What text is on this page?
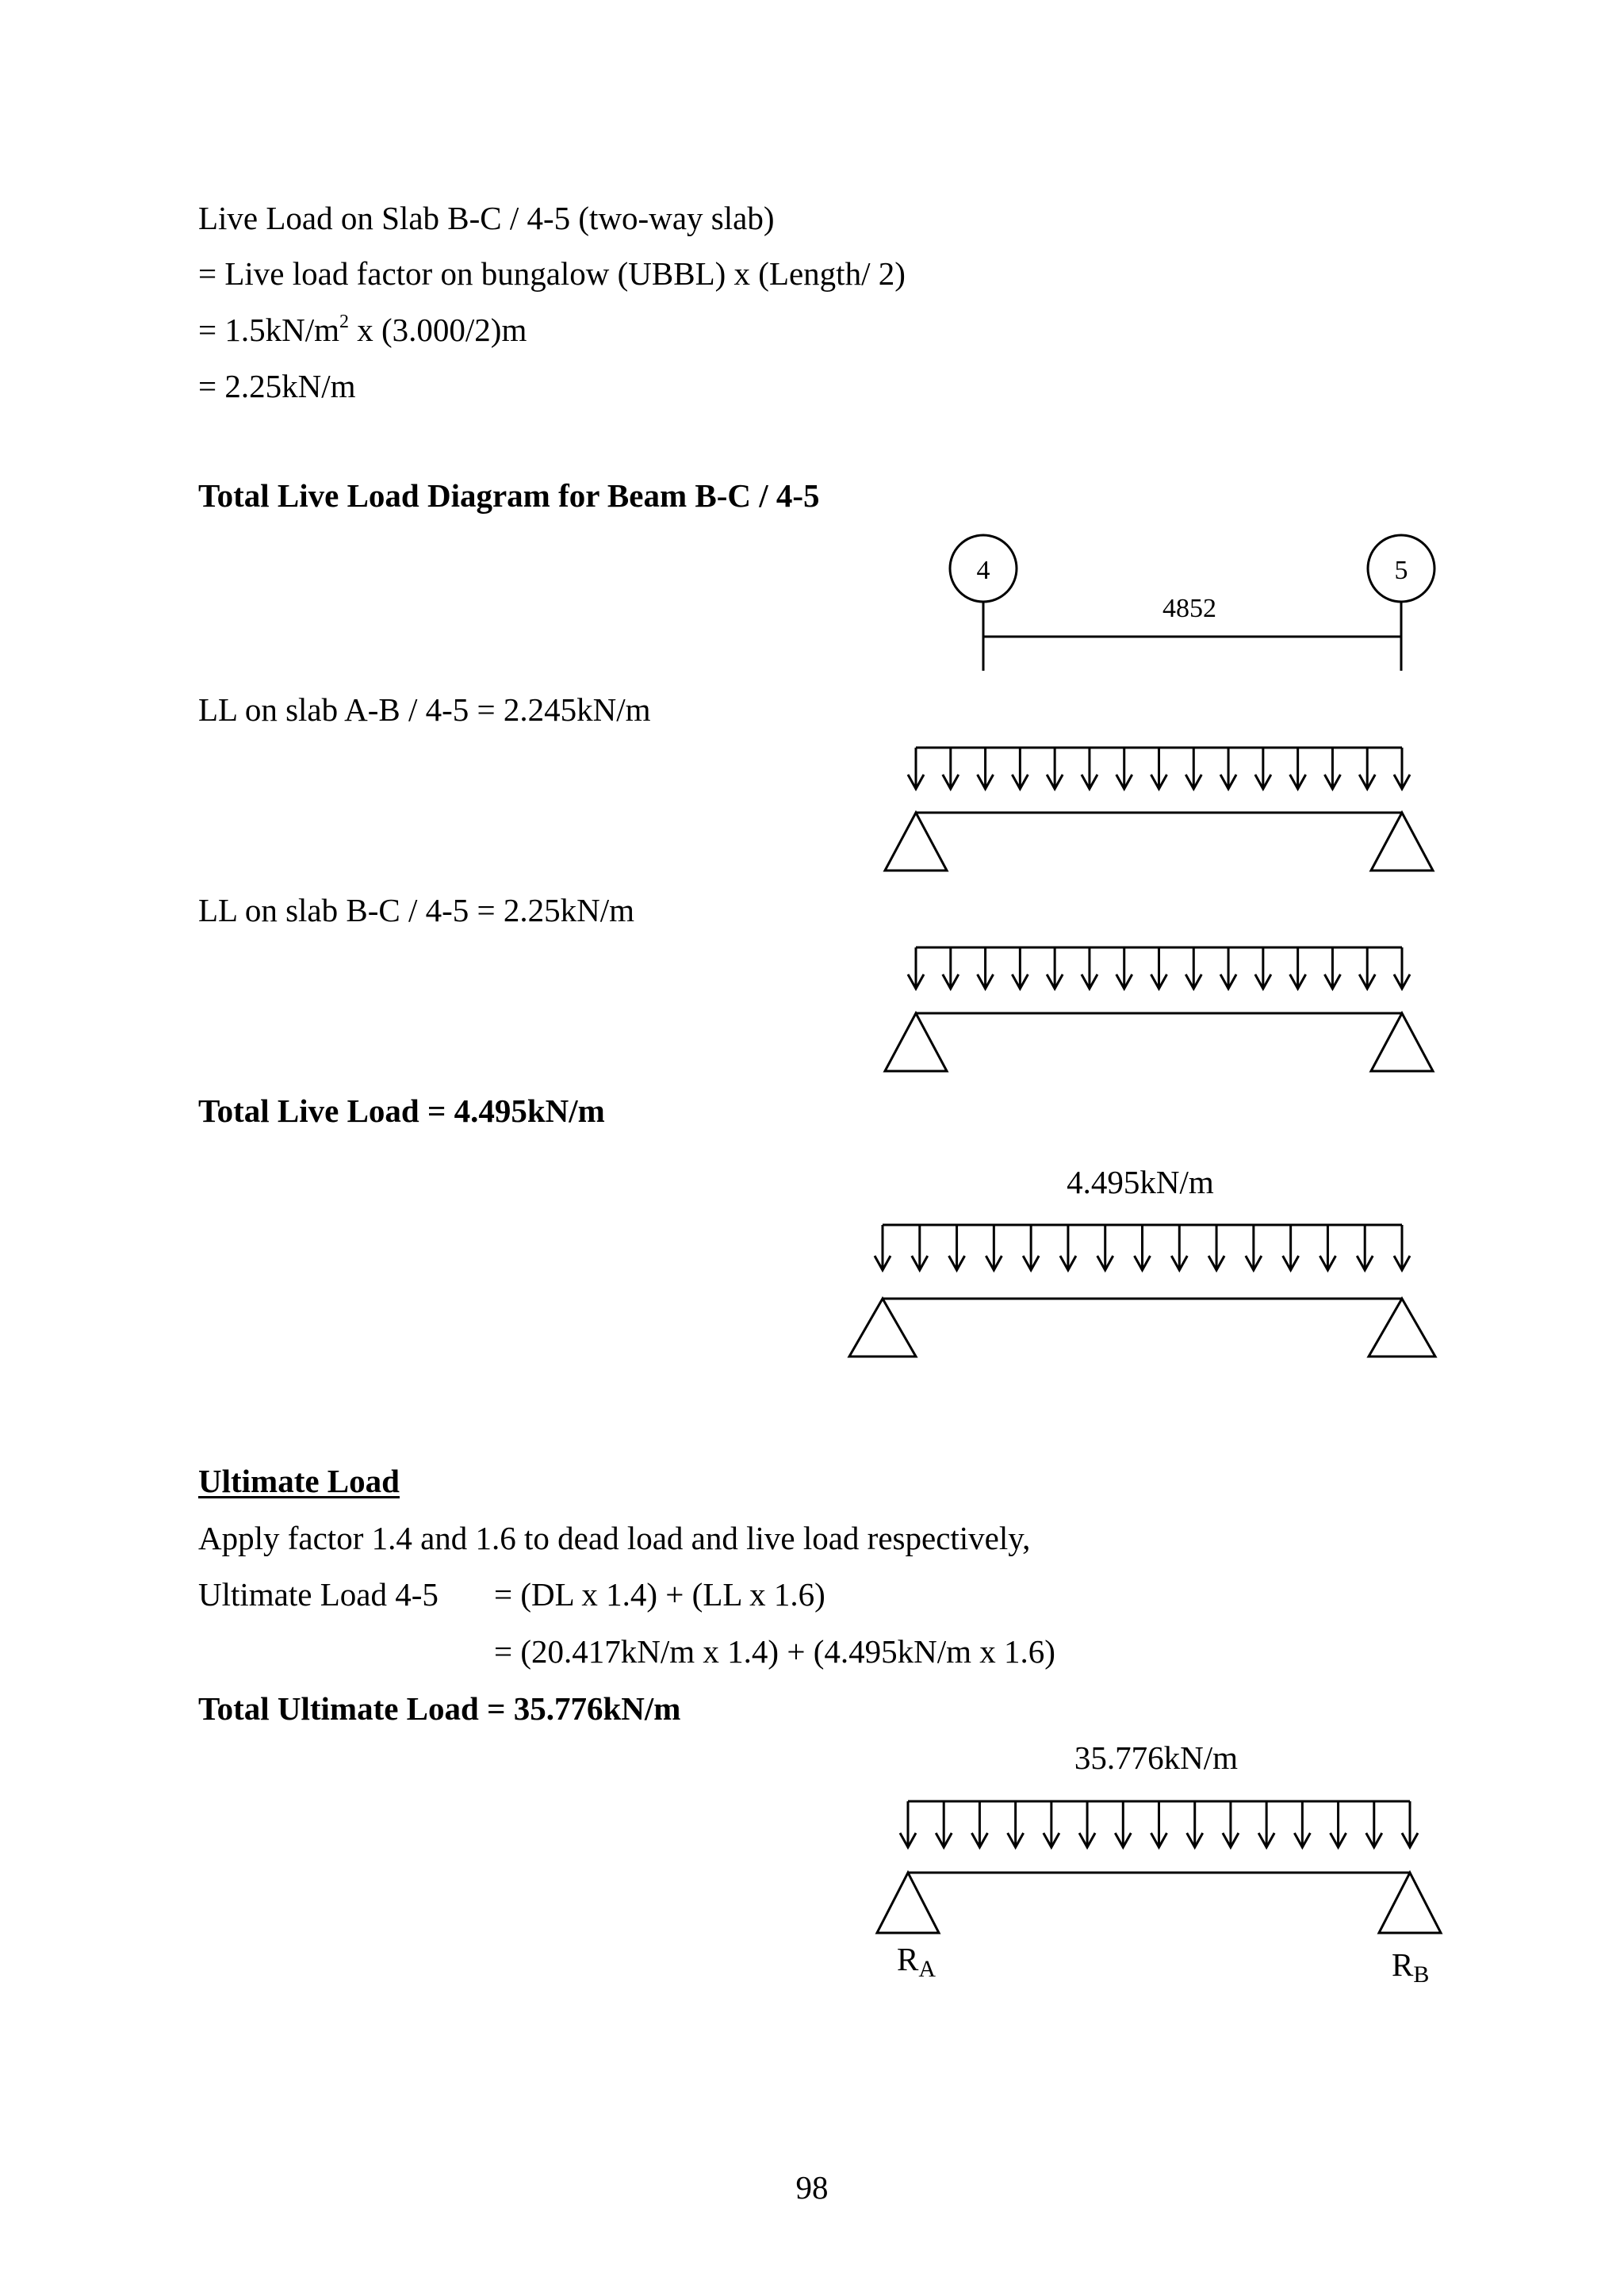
Live Load on Slab B-C / 4-5 (two-way slab)
= Live load factor on bungalow (UBBL) x (Length/ 2)
= $1.5kN/m^2$ x (3.000/2)m
= 2.25kN/m
Total Live Load Diagram for Beam B-C / 4-5
4	5
4852
4.495kN/m
35.776kN/m
RA	RB
LL on slab A-B / 4-5 = 2.245kN/m
LL on slab B-C / 4-5 = 2.25kN/m
Total Live Load = 4.495kN/m
Ultimate Load
Apply factor 1.4 and 1.6 to dead load and live load respectively,
Ultimate Load 4-5 = (DL x 1.4) + (LL x 1.6)
= (20.417kN/m x 1.4) + (4.495kN/m x 1.6)
Total Ultimate Load = 35.776kN/m
98
